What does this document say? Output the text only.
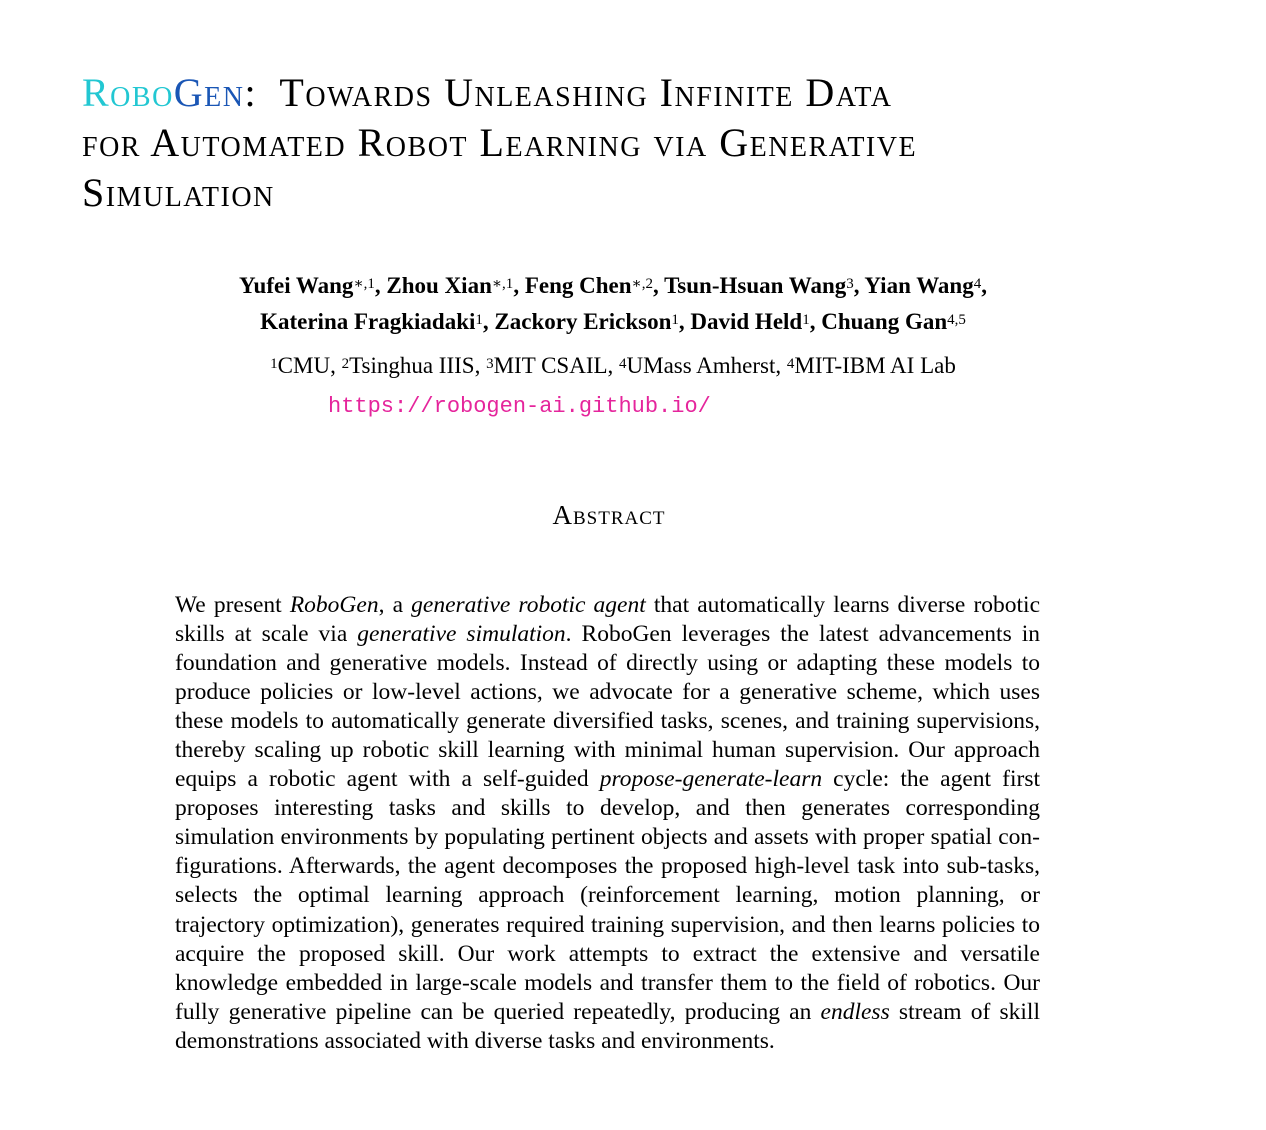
RoboGen: Towards Unleashing Infinite Data
for Automated Robot Learning via Generative
Simulation
Yufei Wang$^{∗,1}$, Zhou Xian$^{∗,1}$, Feng Chen$^{∗,2}$, Tsun-Hsuan Wang$^3$, Yian Wang$^4$,
Katerina Fragkiadaki$^1$, Zackory Erickson$^1$, David Held$^1$, Chuang Gan$^{4,5}$
$^1$CMU, $^2$Tsinghua IIIS, $^3$MIT CSAIL, $^4$UMass Amherst, $^4$MIT-IBM AI Lab
https://robogen-ai.github.io/
Abstract

We present RoboGen, a generative robotic agent that automatically learns diverse robotic skills at scale via generative simulation. RoboGen leverages the latest advancements in foundation and generative models. Instead of directly using or adapting these models to produce policies or low-level actions, we advocate for a generative scheme, which uses these models to automatically generate diversified tasks, scenes, and training supervisions, thereby scaling up robotic skill learning with minimal human supervision. Our approach equips a robotic agent with a self-guided propose-generate-learn cycle: the agent first proposes interesting tasks and skills to develop, and then generates corresponding simulation environments by populating pertinent objects and assets with proper spatial configurations. Afterwards, the agent decomposes the proposed high-level task into sub-tasks, selects the optimal learning approach (reinforcement learning, motion planning, or trajectory optimization), generates required training supervision, and then learns policies to acquire the proposed skill. Our work attempts to extract the extensive and versatile knowledge embedded in large-scale models and transfer them to the field of robotics. Our fully generative pipeline can be queried repeatedly, producing an endless stream of skill demonstrations associated with diverse tasks and environments.
